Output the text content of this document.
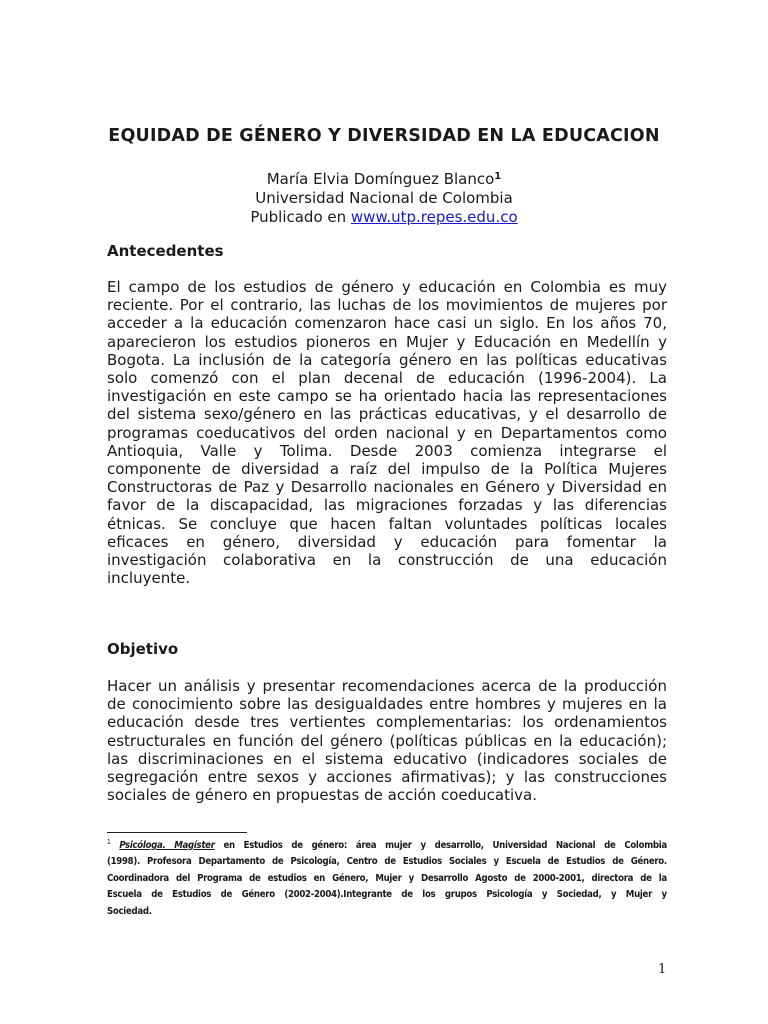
EQUIDAD DE GÉNERO Y DIVERSIDAD EN LA EDUCACION
María Elvia Domínguez Blanco$^1$
Universidad Nacional de Colombia
Publicado en www.utp.repes.edu.co
Antecedentes
El campo de los estudios de género y educación en Colombia es muy
reciente. Por el contrario, las luchas de los movimientos de mujeres por
acceder a la educación comenzaron hace casi un siglo. En los años 70,
aparecieron los estudios pioneros en Mujer y Educación en Medellín y
Bogota. La inclusión de la categoría género en las políticas educativas
solo comenzó con el plan decenal de educación (1996-2004). La
investigación en este campo se ha orientado hacia las representaciones
del sistema sexo/género en las prácticas educativas, y el desarrollo de
programas coeducativos del orden nacional y en Departamentos como
Antioquia, Valle y Tolima. Desde 2003 comienza integrarse el
componente de diversidad a raíz del impulso de la Política Mujeres
Constructoras de Paz y Desarrollo nacionales en Género y Diversidad en
favor de la discapacidad, las migraciones forzadas y las diferencias
étnicas. Se concluye que hacen faltan voluntades políticas locales
eficaces en género, diversidad y educación para fomentar la
investigación colaborativa en la construcción de una educación
incluyente.
Objetivo
Hacer un análisis y presentar recomendaciones acerca de la producción
de conocimiento sobre las desigualdades entre hombres y mujeres en la
educación desde tres vertientes complementarias: los ordenamientos
estructurales en función del género (políticas públicas en la educación);
las discriminaciones en el sistema educativo (indicadores sociales de
segregación entre sexos y acciones afirmativas); y las construcciones
sociales de género en propuestas de acción coeducativa.
$^1$ Psicóloga. Magíster en Estudios de género: área mujer y desarrollo, Universidad Nacional de Colombia
(1998). Profesora Departamento de Psicología, Centro de Estudios Sociales y Escuela de Estudios de Género.
Coordinadora del Programa de estudios en Género, Mujer y Desarrollo Agosto de 2000-2001, directora de la
Escuela de Estudios de Género (2002-2004).Integrante de los grupos Psicología y Sociedad, y Mujer y
Sociedad.
1
